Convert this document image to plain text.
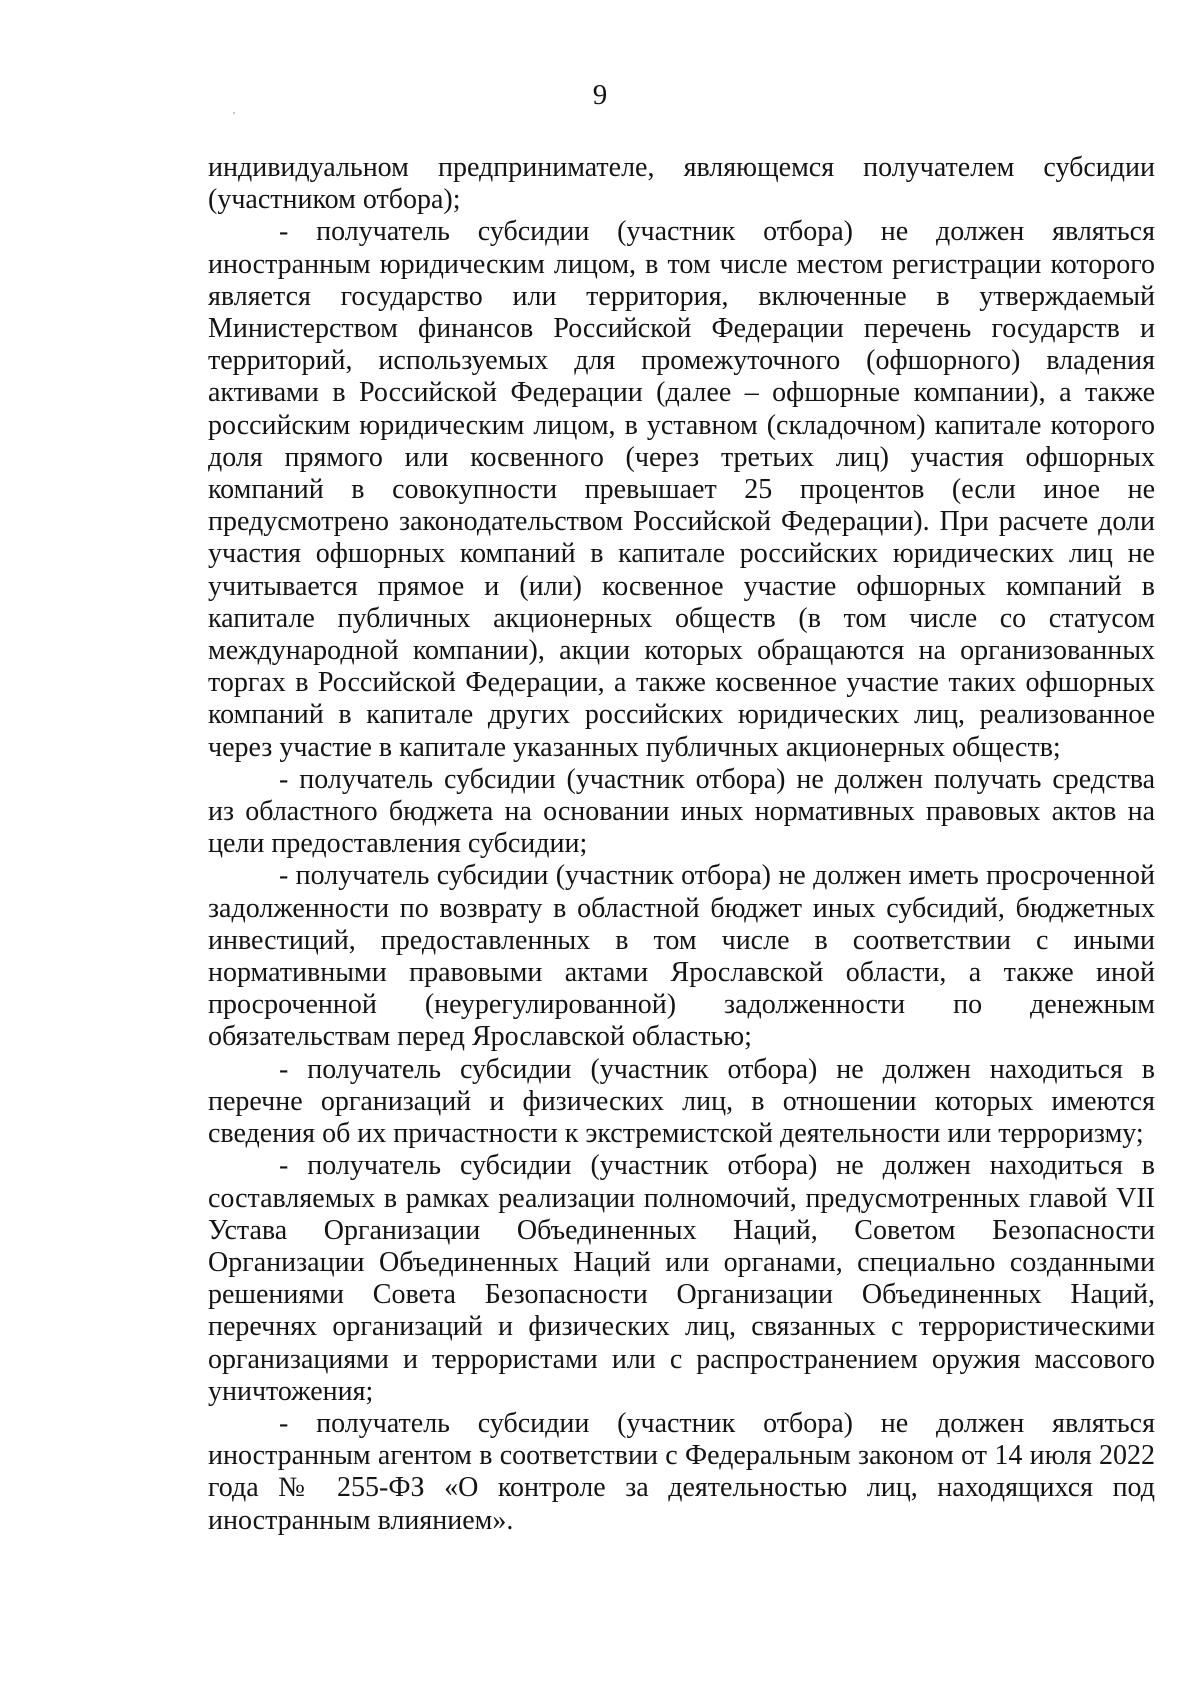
9

индивидуальном предпринимателе, являющемся получателем субсидии (участником отбора);

- получатель субсидии (участник отбора) не должен являться иностранным юридическим лицом, в том числе местом регистрации которого является государство или территория, включенные в утверждаемый Министерством финансов Российской Федерации перечень государств и территорий, используемых для промежуточного (офшорного) владения активами в Российской Федерации (далее – офшорные компании), а также российским юридическим лицом, в уставном (складочном) капитале которого доля прямого или косвенного (через третьих лиц) участия офшорных компаний в совокупности превышает 25 процентов (если иное не предусмотрено законодательством Российской Федерации). При расчете доли участия офшорных компаний в капитале российских юридических лиц не учитывается прямое и (или) косвенное участие офшорных компаний в капитале публичных акционерных обществ (в том числе со статусом международной компании), акции которых обращаются на организованных торгах в Российской Федерации, а также косвенное участие таких офшорных компаний в капитале других российских юридических лиц, реализованное через участие в капитале указанных публичных акционерных обществ;

- получатель субсидии (участник отбора) не должен получать средства из областного бюджета на основании иных нормативных правовых актов на цели предоставления субсидии;

- получатель субсидии (участник отбора) не должен иметь просроченной задолженности по возврату в областной бюджет иных субсидий, бюджетных инвестиций, предоставленных в том числе в соответствии с иными нормативными правовыми актами Ярославской области, а также иной просроченной (неурегулированной) задолженности по денежным обязательствам перед Ярославской областью;

- получатель субсидии (участник отбора) не должен находиться в перечне организаций и физических лиц, в отношении которых имеются сведения об их причастности к экстремистской деятельности или терроризму;

- получатель субсидии (участник отбора) не должен находиться в составляемых в рамках реализации полномочий, предусмотренных главой VII Устава Организации Объединенных Наций, Советом Безопасности Организации Объединенных Наций или органами, специально созданными решениями Совета Безопасности Организации Объединенных Наций, перечнях организаций и физических лиц, связанных с террористическими организациями и террористами или с распространением оружия массового уничтожения;

- получатель субсидии (участник отбора) не должен являться иностранным агентом в соответствии с Федеральным законом от 14 июля 2022 года № 255-ФЗ «О контроле за деятельностью лиц, находящихся под иностранным влиянием».
